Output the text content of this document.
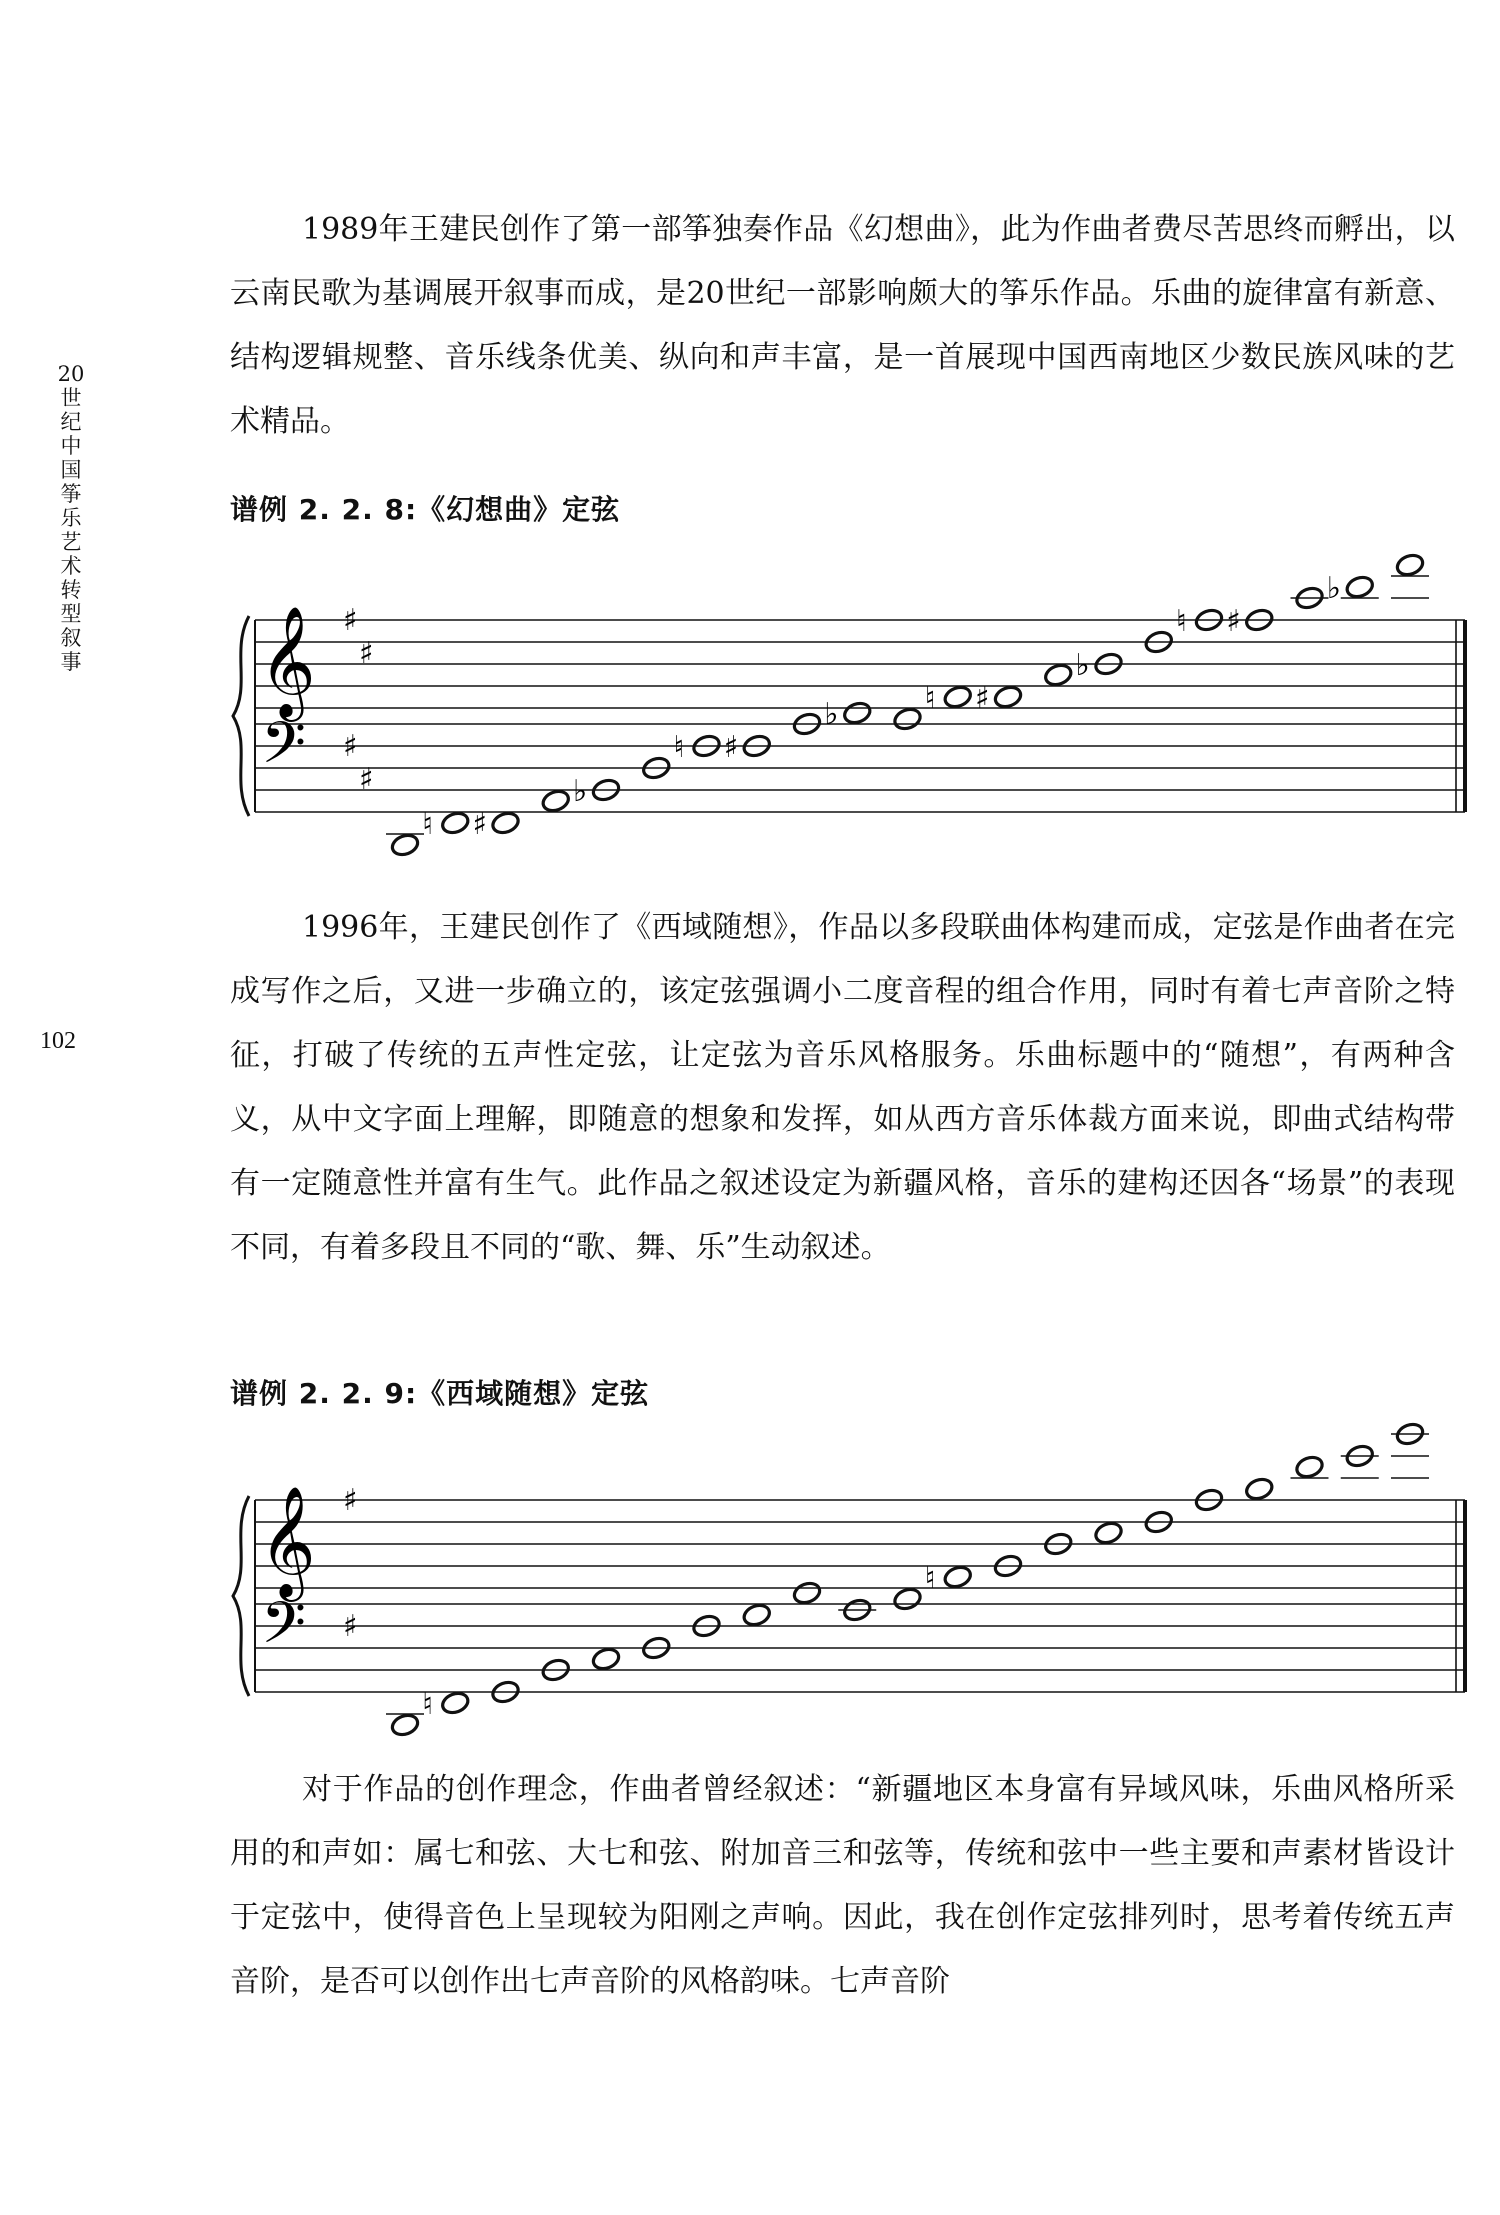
20世纪中国筝乐艺术转型叙事
102

1989年王建民创作了第一部筝独奏作品《幻想曲》，此为作曲者费尽苦思终而孵出，以云南民歌为基调展开叙事而成，是20世纪一部影响颇大的筝乐作品。乐曲的旋律富有新意、结构逻辑规整、音乐线条优美、纵向和声丰富，是一首展现中国西南地区少数民族风味的艺术精品。

谱例 2. 2. 8:《幻想曲》定弦
𝄞
𝄢
♯
♯
♯
♯
♮ ♯
♭
♮ ♯
♭	♮ ♯
♭
♮ ♯
♭

1996年，王建民创作了《西域随想》，作品以多段联曲体构建而成，定弦是作曲者在完成写作之后，又进一步确立的，该定弦强调小二度音程的组合作用，同时有着七声音阶之特征，打破了传统的五声性定弦，让定弦为音乐风格服务。乐曲标题中的“随想”，有两种含义，从中文字面上理解，即随意的想象和发挥，如从西方音乐体裁方面来说，即曲式结构带有一定随意性并富有生气。此作品之叙述设定为新疆风格，音乐的建构还因各“场景”的表现不同，有着多段且不同的“歌、舞、乐”生动叙述。

谱例 2. 2. 9:《西域随想》定弦
𝄞
𝄢
♯
♯
♮
♮

对于作品的创作理念，作曲者曾经叙述：“新疆地区本身富有异域风味，乐曲风格所采用的和声如：属七和弦、大七和弦、附加音三和弦等，传统和弦中一些主要和声素材皆设计于定弦中，使得音色上呈现较为阳刚之声响。因此，我在创作定弦排列时，思考着传统五声音阶，是否可以创作出七声音阶的风格韵味。七声音阶
